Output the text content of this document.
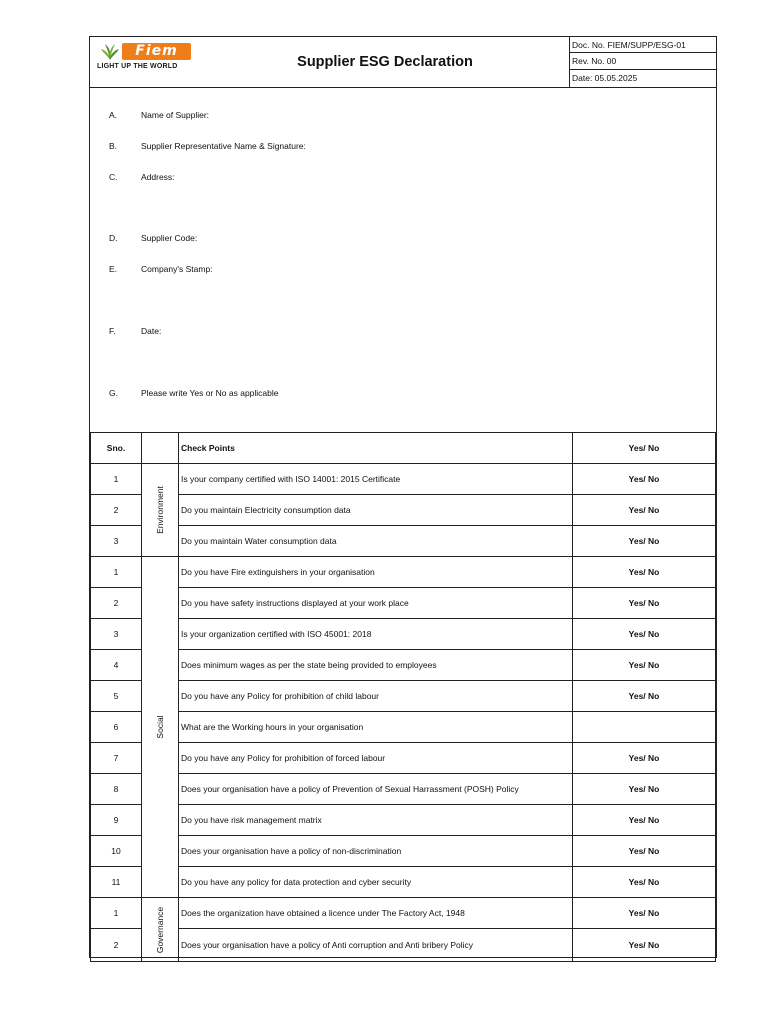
Fiem
LIGHT UP THE WORLD	Supplier ESG Declaration
Doc. No. FIEM/SUPP/ESG-01
Rev. No. 00
Date: 05.05.2025
A.	Name of Supplier:
B.	Supplier Representative Name & Signature:
C.	Address:
D.	Supplier Code:
E.	Company's Stamp:
F.	Date:
G.	Please write Yes or No as applicable
Sno.		Check Points	Yes/ No
1	Environment	Is your company certified with ISO 14001: 2015 Certificate	Yes/ No
2		Do you maintain Electricity consumption data	Yes/ No
3		Do you maintain Water consumption data	Yes/ No
1	Social	Do you have Fire extinguishers in your organisation	Yes/ No
2		Do you have safety instructions displayed at your work place	Yes/ No
3		Is your organization certified with ISO 45001: 2018	Yes/ No
4		Does minimum wages as per the state being provided to employees	Yes/ No
5		Do you have any Policy for prohibition of child labour	Yes/ No
6		What are the Working hours in your organisation	
7		Do you have any Policy for prohibition of forced labour	Yes/ No
8		Does your organisation have a policy of Prevention of Sexual Harrassment (POSH) Policy	Yes/ No
9		Do you have risk management matrix	Yes/ No
10		Does your organisation have a policy of non-discrimination	Yes/ No
11		Do you have any policy for data protection and cyber security	Yes/ No
1	Governance	Does the organization have obtained a licence under The Factory Act, 1948	Yes/ No
2		Does your organisation have a policy of Anti corruption and Anti bribery Policy	Yes/ No
